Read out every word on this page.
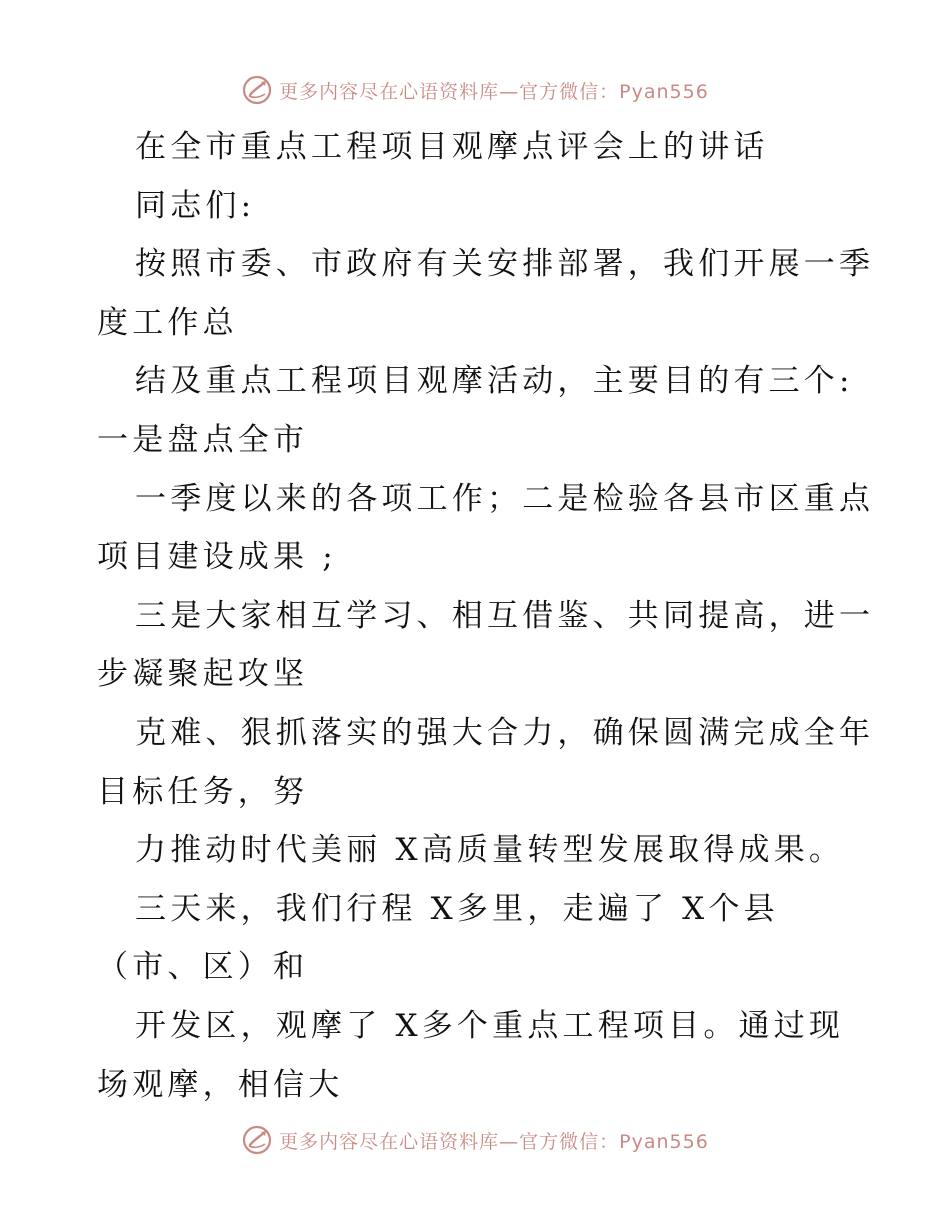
更多内容尽在心语资料库—官方微信：Pyan556
在全市重点工程项目观摩点评会上的讲话
同志们:
按照市委、市政府有关安排部署，我们开展一季
度工作总
结及重点工程项目观摩活动，主要目的有三个:
一是盘点全市
一季度以来的各项工作；二是检验各县市区重点
项目建设成果 ;
三是大家相互学习、相互借鉴、共同提高，进一
步凝聚起攻坚
克难、狠抓落实的强大合力，确保圆满完成全年
目标任务，努
力推动时代美丽 X高质量转型发展取得成果。
三天来，我们行程 X多里，走遍了 X个县
（市、区）和
开发区，观摩了 X多个重点工程项目。通过现
场观摩，相信大
更多内容尽在心语资料库—官方微信：Pyan556
